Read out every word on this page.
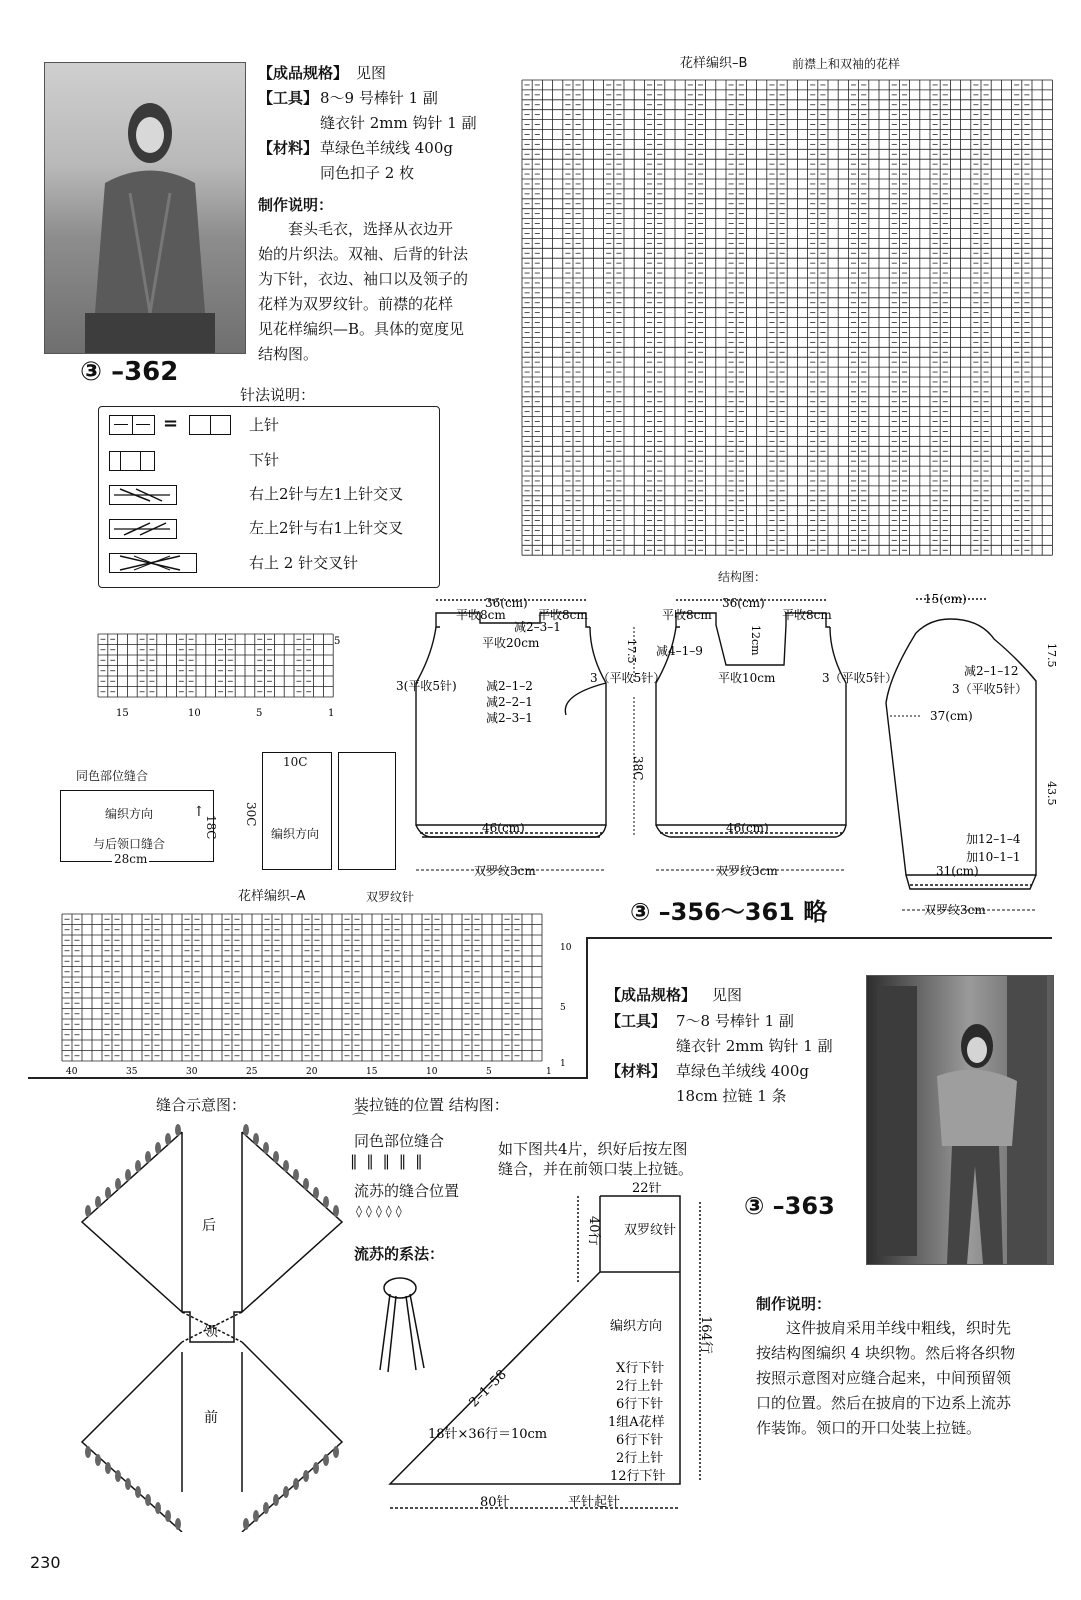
【成品规格】 见图
【工具】 8～9 号棒针 1 副
缝衣针 2mm 钩针 1 副
【材料】 草绿色羊绒线 400g
同色扣子 2 枚
制作说明：
套头毛衣，选择从衣边开
始的片织法。双袖、后背的针法
为下针，衣边、袖口以及领子的
花样为双罗纹针。前襟的花样
见花样编织—B。具体的宽度见
结构图。
③ –362
针法说明：
=	上针
下针
右上2针与左1上针交叉
左上2针与右1上针交叉
右上 2 针交叉针
花样编织–B	前襟上和双袖的花样
5
15	10	5	1
结构图：
36(cm)
平收8cm	平收8cm
减2–3–1
平收20cm
3(平收5针)
3（平收5针）
减2–1–2
减2–2–1
减2–3–1
46(cm)
双罗纹3cm
17.5
38C
36(cm)
平收8cm	平收8cm
12cm
减4–1–9
平收10cm	3（平收5针）
46(cm)
双罗纹3cm
15(cm)
减2–1–12
3（平收5针）
37(cm)
加12–1–4
加10–1–1
31(cm)
双罗纹3cm
17.5
43.5
同色部位缝合
编织方向	↑
与后领口缝合
28cm
18C
10C
编织方向
30C
花样编织–A	双罗纹针
10
5
1
40	35	30	25	20	15	10	5	1
③ –356～361 略
【成品规格】 见图
【工具】 7～8 号棒针 1 副
缝衣针 2mm 钩针 1 副
【材料】 草绿色羊绒线 400g
18cm 拉链 1 条
③ –363
制作说明：
这件披肩采用羊线中粗线，织时先
按结构图编织 4 块织物。然后将各织物
按照示意图对应缝合起来，中间预留领
口的位置。然后在披肩的下边系上流苏
作装饰。领口的开口处装上拉链。
缝合示意图：
后
领
前
装拉链的位置 结构图：
⌒
同色部位缝合
‖ ‖ ‖ ‖ ‖
流苏的缝合位置
◊◊◊◊◊
流苏的系法：
如下图共4片，织好后按左图
缝合，并在前领口装上拉链。
22针
40行 双罗纹针
编织方向	164行
2–1–58
18针×36行＝10cm
80针	平针起针
X行下针
2行上针
6行下针
1组A花样
6行下针
2行上针
12行下针
230
